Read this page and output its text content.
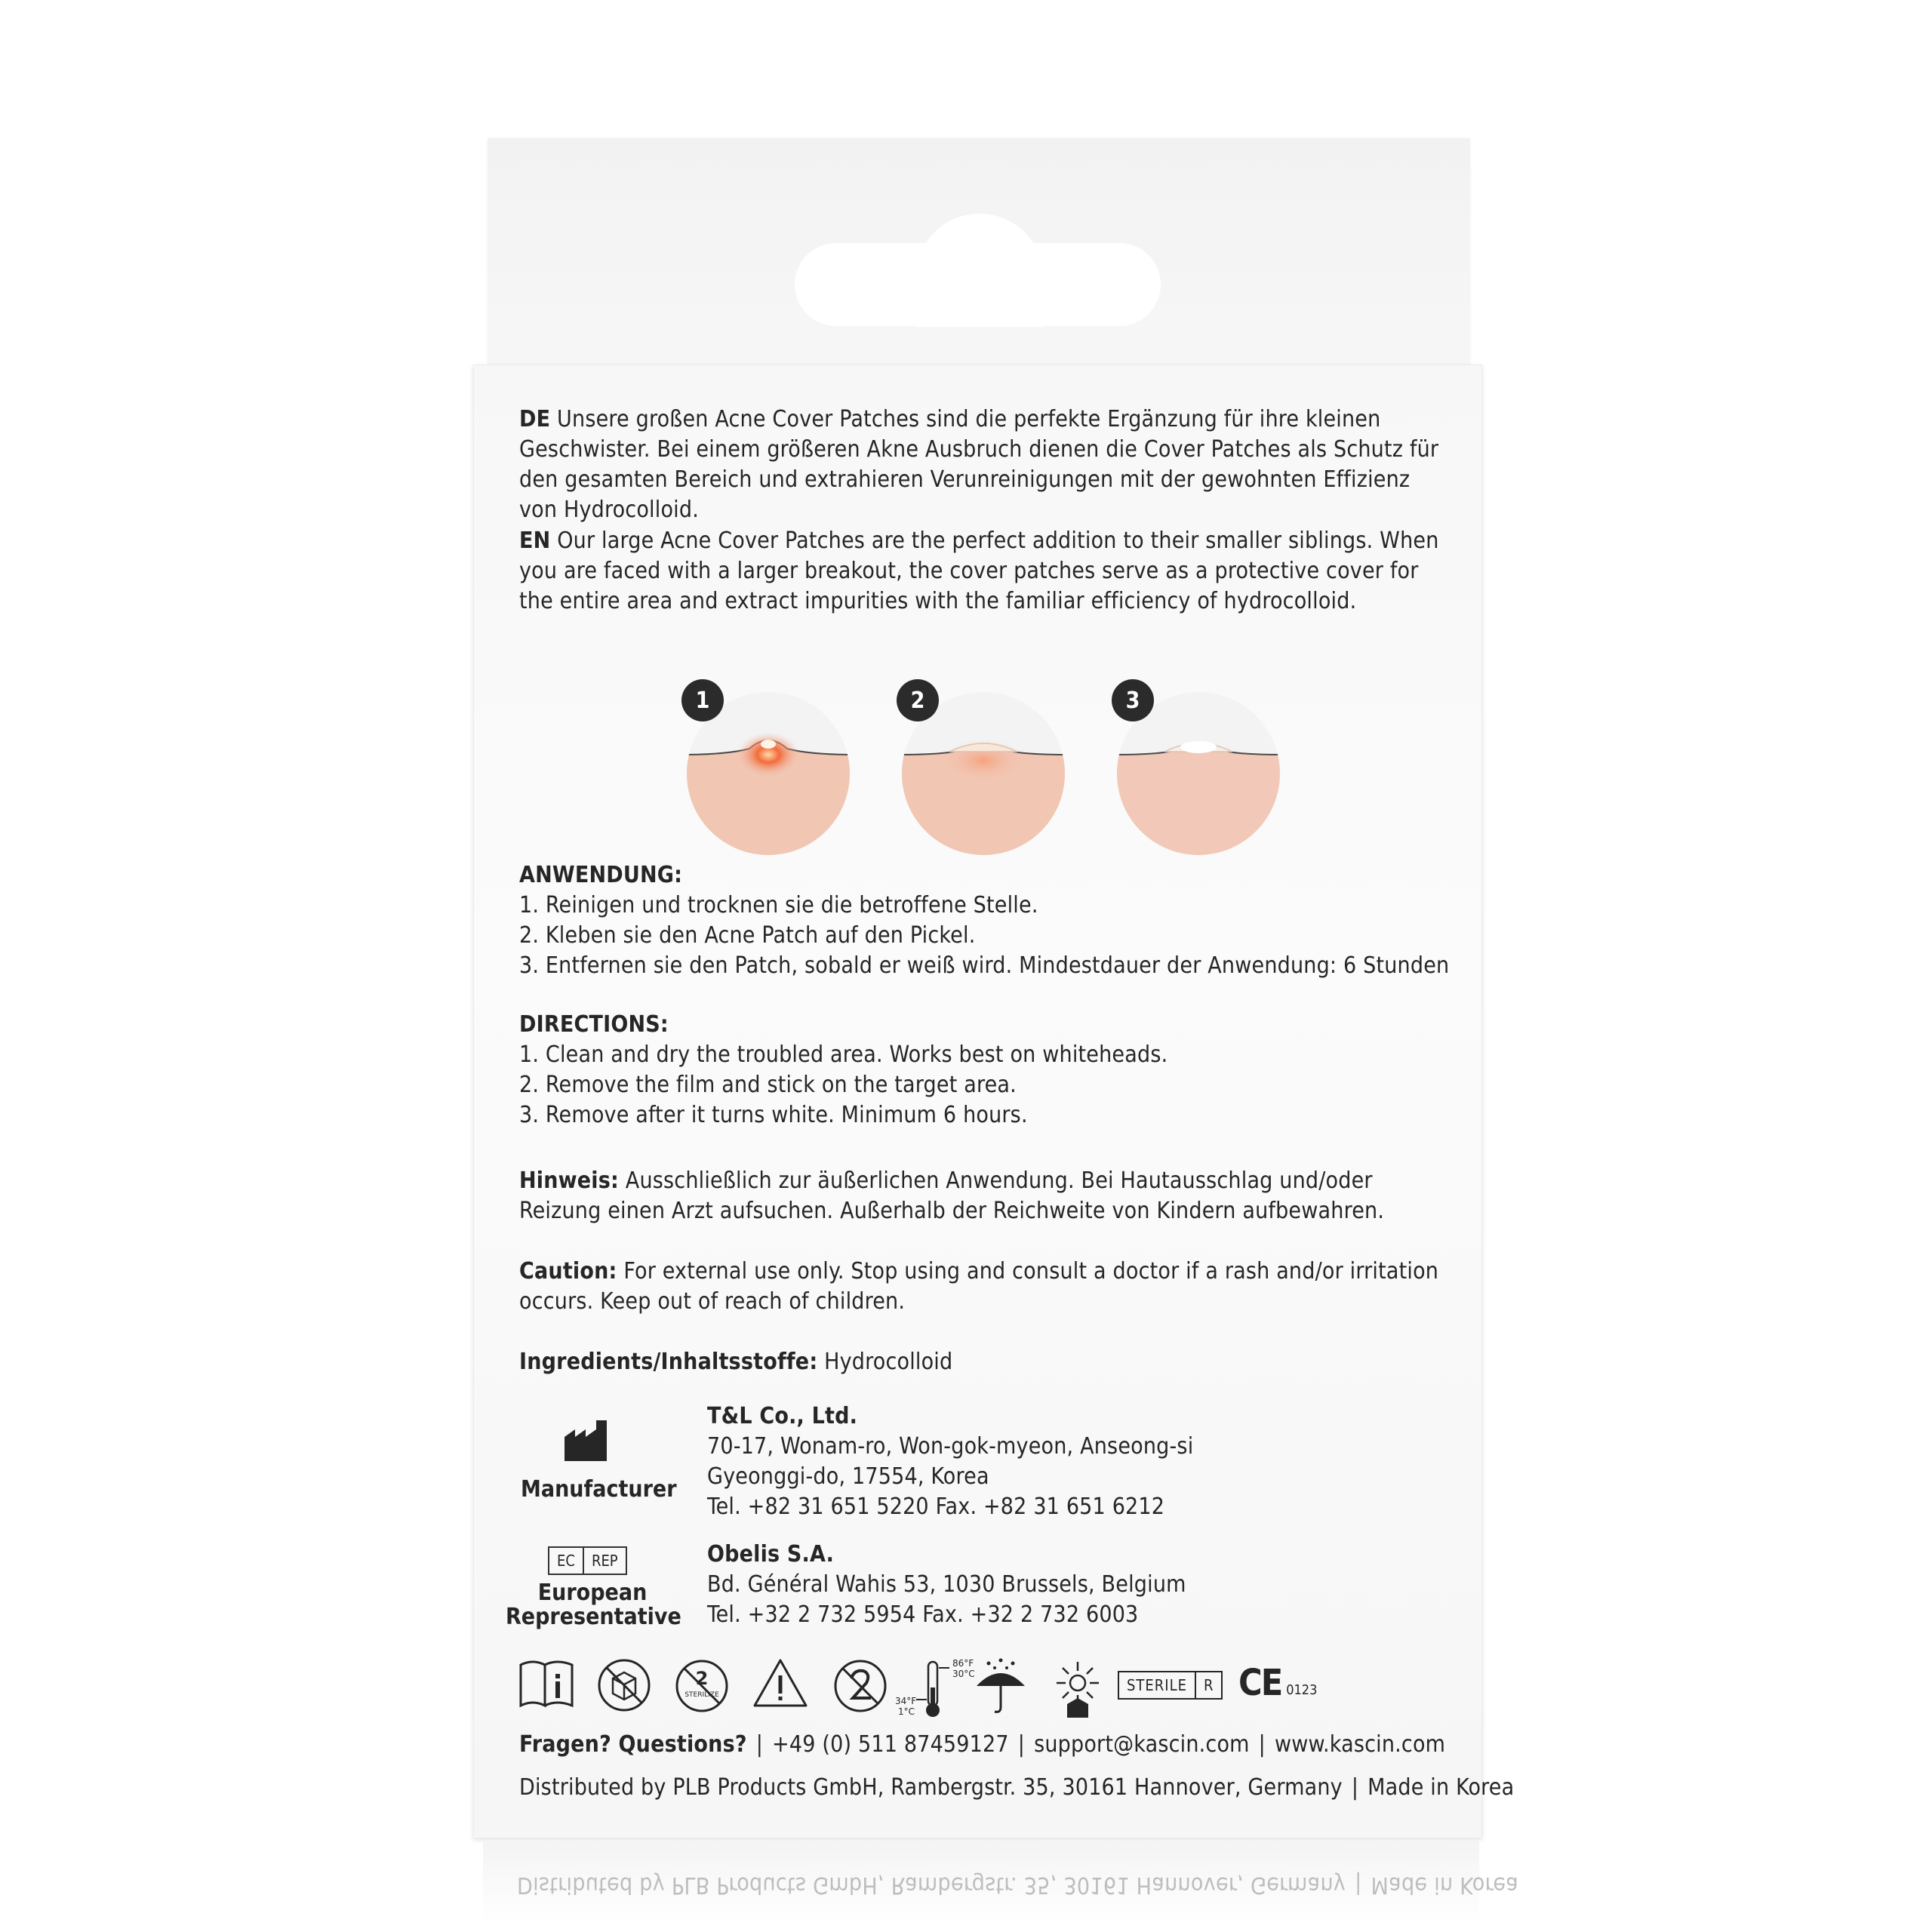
DE Unsere großen Acne Cover Patches sind die perfekte Ergänzung für ihre kleinen Geschwister. Bei einem größeren Akne Ausbruch dienen die Cover Patches als Schutz für den gesamten Bereich und extrahieren Verunreinigungen mit der gewohnten Effizienz von Hydrocolloid.
EN Our large Acne Cover Patches are the perfect addition to their smaller siblings. When you are faced with a larger breakout, the cover patches serve as a protective cover for the entire area and extract impurities with the familiar efficiency of hydrocolloid.
1	2	3
ANWENDUNG:
1. Reinigen und trocknen sie die betroffene Stelle.
2. Kleben sie den Acne Patch auf den Pickel.
3. Entfernen sie den Patch, sobald er weiß wird. Mindestdauer der Anwendung: 6 Stunden
DIRECTIONS:
1. Clean and dry the troubled area. Works best on whiteheads.
2. Remove the film and stick on the target area.
3. Remove after it turns white. Minimum 6 hours.
Hinweis: Ausschließlich zur äußerlichen Anwendung. Bei Hautausschlag und/oder Reizung einen Arzt aufsuchen. Außerhalb der Reichweite von Kindern aufbewahren.
Caution: For external use only. Stop using and consult a doctor if a rash and/or irritation occurs. Keep out of reach of children.
Ingredients/Inhaltsstoffe: Hydrocolloid
Manufacturer
T&L Co., Ltd.
70-17, Wonam-ro, Won-gok-myeon, Anseong-si
Gyeonggi-do, 17554, Korea
Tel. +82 31 651 5220 Fax. +82 31 651 6212
EC	REP
European
Representative
Obelis S.A.
Bd. Général Wahis 53, 1030 Brussels, Belgium
Tel. +32 2 732 5954 Fax. +32 2 732 6003
2
STERILIZE
86°F
30°C
34°F
1°C
STERILE	R CE 0123
Fragen? Questions? | +49 (0) 511 87459127 | support@kascin.com | www.kascin.com
Distributed by PLB Products GmbH, Rambergstr. 35, 30161 Hannover, Germany | Made in Korea
Distributed by PLB Products GmbH, Rambergstr. 35, 30161 Hannover, Germany | Made in Korea
